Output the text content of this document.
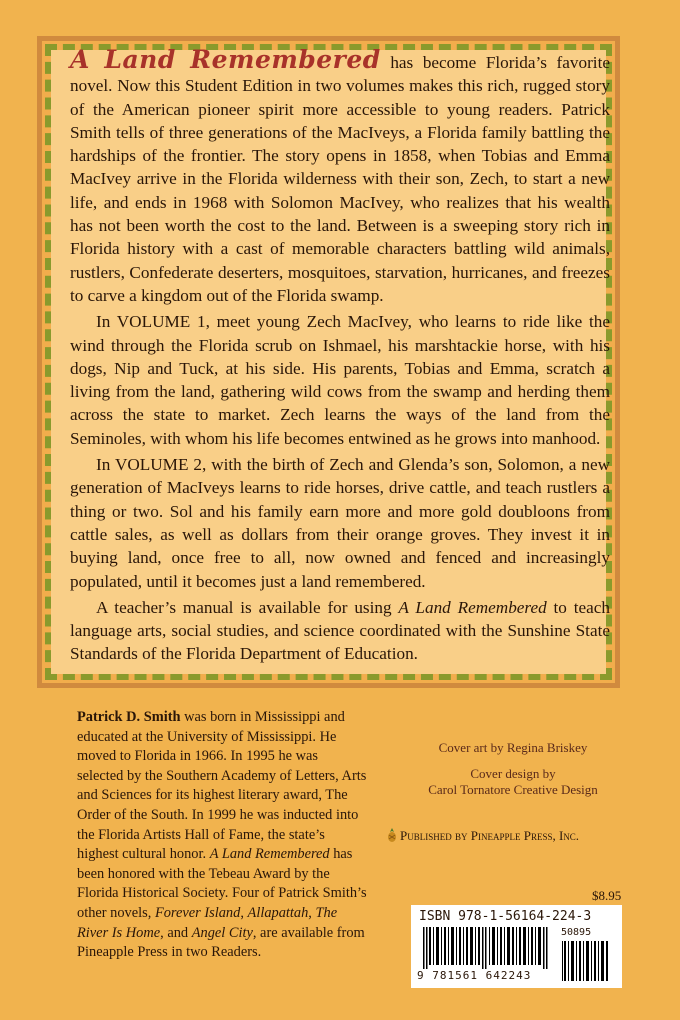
A Land Remembered has become Florida’s favorite novel. Now this Student Edition in two volumes makes this rich, rugged story of the American pioneer spirit more accessible to young readers. Patrick Smith tells of three generations of the MacIveys, a Florida family battling the hardships of the frontier. The story opens in 1858, when Tobias and Emma MacIvey arrive in the Florida wilderness with their son, Zech, to start a new life, and ends in 1968 with Solomon MacIvey, who realizes that his wealth has not been worth the cost to the land. Between is a sweeping story rich in Florida history with a cast of memorable characters battling wild animals, rustlers, Confederate deserters, mosquitoes, starvation, hurricanes, and freezes to carve a kingdom out of the Florida swamp.

In VOLUME 1, meet young Zech MacIvey, who learns to ride like the wind through the Florida scrub on Ishmael, his marshtackie horse, with his dogs, Nip and Tuck, at his side. His parents, Tobias and Emma, scratch a living from the land, gathering wild cows from the swamp and herding them across the state to market. Zech learns the ways of the land from the Seminoles, with whom his life becomes entwined as he grows into manhood.

In VOLUME 2, with the birth of Zech and Glenda’s son, Solomon, a new generation of MacIveys learns to ride horses, drive cattle, and teach rustlers a thing or two. Sol and his family earn more and more gold doubloons from cattle sales, as well as dollars from their orange groves. They invest it in buying land, once free to all, now owned and fenced and increasingly populated, until it becomes just a land remembered.

A teacher’s manual is available for using A Land Remembered to teach language arts, social studies, and science coordinated with the Sunshine State Standards of the Florida Department of Education.

Patrick D. Smith was born in Mississippi and educated at the University of Mississippi. He moved to Florida in 1966. In 1995 he was selected by the Southern Academy of Letters, Arts and Sciences for its highest literary award, The Order of the South. In 1999 he was inducted into the Florida Artists Hall of Fame, the state’s highest cultural honor. A Land Remembered has been honored with the Tebeau Award by the Florida Historical Society. Four of Patrick Smith’s other novels, Forever Island, Allapattah, The River Is Home, and Angel City, are available from Pineapple Press in two Readers.

Cover art by Regina Briskey
Cover design by
Carol Tornatore Creative Design
Published by Pineapple Press, Inc.
$8.95
ISBN 978-1-56164-224-3
9 781561 642243
50895
